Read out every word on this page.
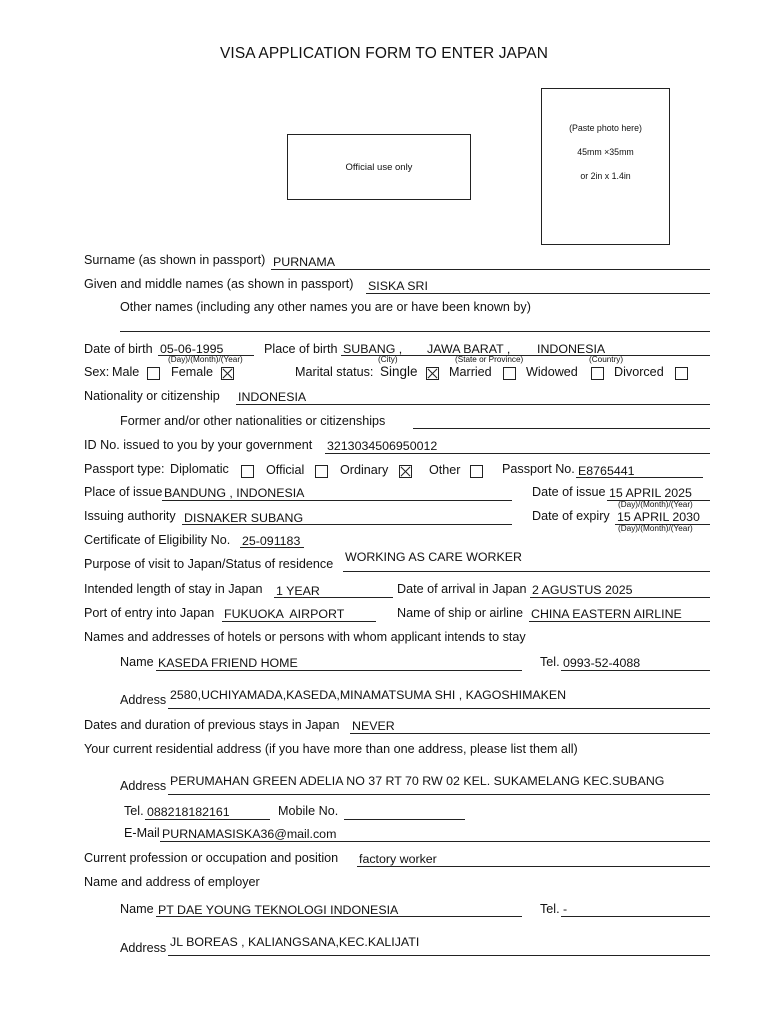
VISA APPLICATION FORM TO ENTER JAPAN
Official use only
(Paste photo here)
45mm ×35mm
or 2in x 1.4in
Surname (as shown in passport) PURNAMA
Given and middle names (as shown in passport) SISKA SRI
Other names (including any other names you are or have been known by)
Date of birth 05-06-1995
(Day)/(Month)/(Year)
Place of birth SUBANG , JAWA BARAT , INDONESIA
(City)	(State or Province)	(Country)
Sex: Male	Female	Marital status: Single Married	Widowed	Divorced
Nationality or citizenship INDONESIA
Former and/or other nationalities or citizenships
ID No. issued to you by your government 3213034506950012
Passport type: Diplomatic	Official	Ordinary	Other	Passport No. E8765441
Place of issue BANDUNG , INDONESIA	Date of issue 15 APRIL 2025
(Day)/(Month)/(Year)
Issuing authority DISNAKER SUBANG	Date of expiry 15 APRIL 2030
(Day)/(Month)/(Year)
Certificate of Eligibility No. 25-091183
Purpose of visit to Japan/Status of residence WORKING AS CARE WORKER
Intended length of stay in Japan 1 YEAR	Date of arrival in Japan 2 AGUSTUS 2025
Port of entry into Japan FUKUOKA  AIRPORT	Name of ship or airline CHINA EASTERN AIRLINE
Names and addresses of hotels or persons with whom applicant intends to stay
Name KASEDA FRIEND HOME	Tel. 0993-52-4088
Address 2580,UCHIYAMADA,KASEDA,MINAMATSUMA SHI , KAGOSHIMAKEN
Dates and duration of previous stays in Japan NEVER
Your current residential address (if you have more than one address, please list them all)
Address PERUMAHAN GREEN ADELIA NO 37 RT 70 RW 02 KEL. SUKAMELANG KEC.SUBANG
Tel. 088218182161	Mobile No.
E-Mail PURNAMASISKA36@mail.com
Current profession or occupation and position factory worker
Name and address of employer
Name PT DAE YOUNG TEKNOLOGI INDONESIA	Tel. -
Address JL BOREAS , KALIANGSANA,KEC.KALIJATI
